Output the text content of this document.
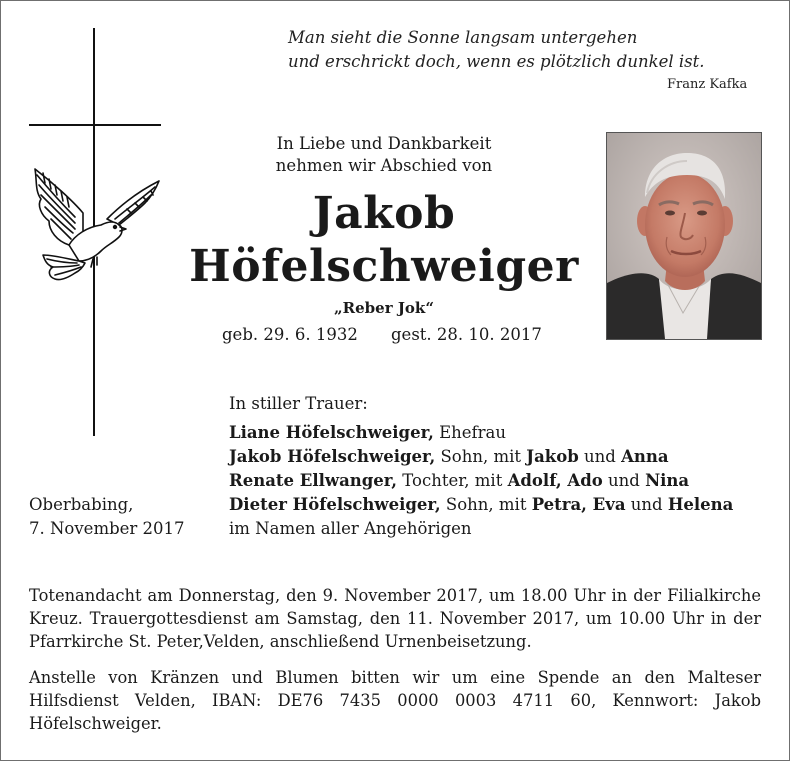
Man sieht die Sonne langsam untergehen
und erschrickt doch, wenn es plötzlich dunkel ist.
Franz Kafka
In Liebe und Dankbarkeit
nehmen wir Abschied von
Jakob
Höfelschweiger
„Reber Jok“
geb. 29. 6. 1932 gest. 28. 10. 2017
In stiller Trauer:
Liane Höfelschweiger, Ehefrau
Jakob Höfelschweiger, Sohn, mit Jakob und Anna
Renate Ellwanger, Tochter, mit Adolf, Ado und Nina
Dieter Höfelschweiger, Sohn, mit Petra, Eva und Helena
im Namen aller Angehörigen
Oberbabing,
7. November 2017
Totenandacht am Donnerstag, den 9. November 2017, um 18.00 Uhr in der Filialkirche Kreuz. Trauergottesdienst am Samstag, den 11. November 2017, um 10.00 Uhr in der Pfarrkirche St. Peter,Velden, anschließend Urnenbeisetzung.
Anstelle von Kränzen und Blumen bitten wir um eine Spende an den Malteser Hilfsdienst Velden, IBAN: DE76 7435 0000 0003 4711 60, Kennwort: Jakob Höfelschweiger.
